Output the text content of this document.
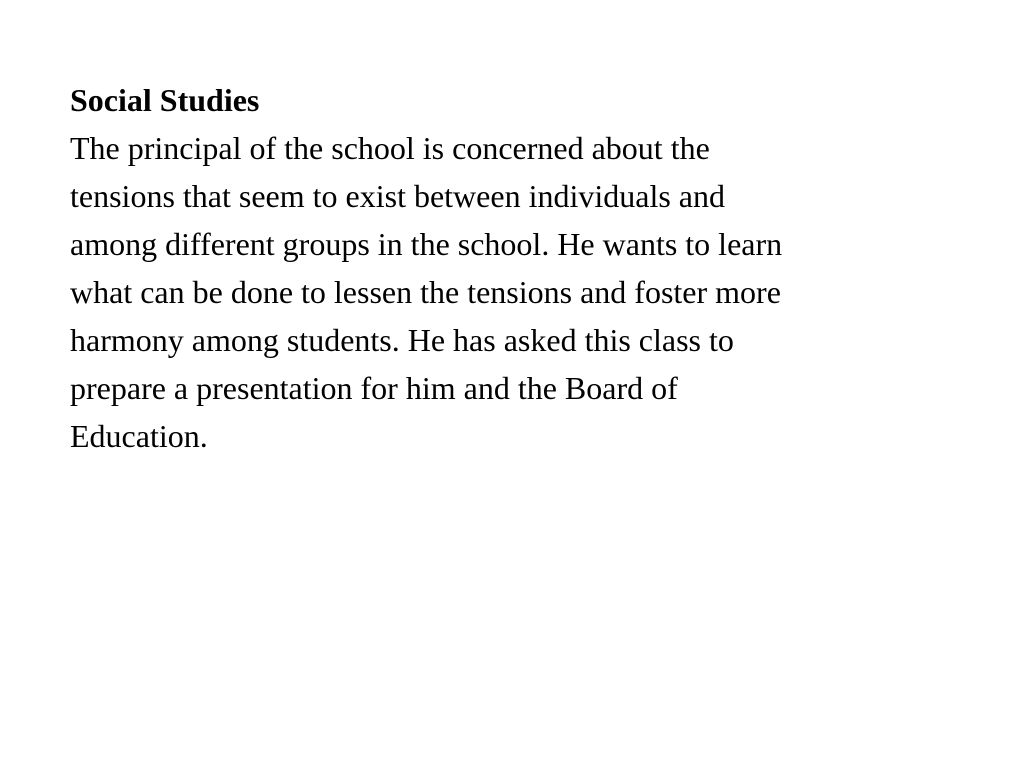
Social Studies

The principal of the school is concerned about the
tensions that seem to exist between individuals and
among different groups in the school. He wants to learn
what can be done to lessen the tensions and foster more
harmony among students. He has asked this class to
prepare a presentation for him and the Board of
Education.
